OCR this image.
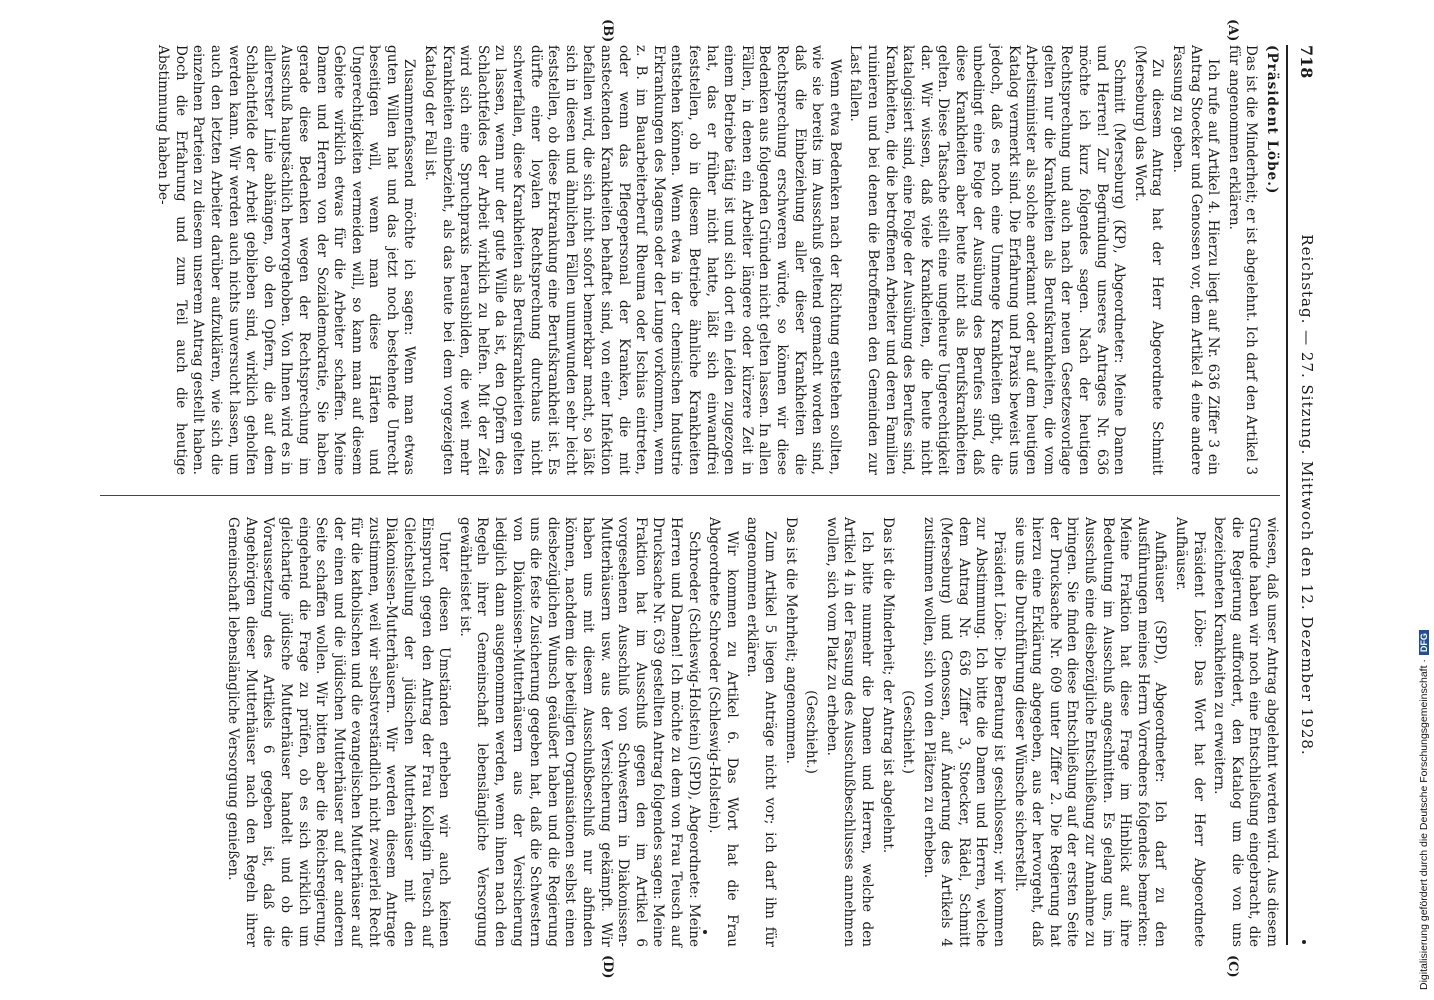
718
Reichstag. — 27. Sitzung. Mittwoch den 12. Dezember 1928.
(A)
(B)
(C)
(D)

(Präsident Löbe.)

Das ist die Minderheit; er ist abgelehnt. Ich darf den Artikel 3 für angenommen erklären.

Ich rufe auf Artikel 4. Hierzu liegt auf Nr. 636 Ziffer 3 ein Antrag Stoecker und Genossen vor, dem Artikel 4 eine andere Fassung zu geben.

Zu diesem Antrag hat der Herr Abgeordnete Schmitt (Merseburg) das Wort.

Schmitt (Merseburg) (KP), Abgeordneter: Meine Damen und Herren! Zur Begründung unseres Antrages Nr. 636 möchte ich kurz folgendes sagen. Nach der heutigen Rechtsprechung und auch nach der neuen Gesetzesvorlage gelten nur die Krankheiten als Berufskrankheiten, die vom Arbeitsminister als solche anerkannt oder auf dem heutigen Katalog vermerkt sind. Die Erfahrung und Praxis beweist uns jedoch, daß es noch eine Unmenge Krankheiten gibt, die unbedingt eine Folge der Ausübung des Berufes sind, daß diese Krankheiten aber heute nicht als Berufskrankheiten gelten. Diese Tatsache stellt eine ungeheure Ungerechtigkeit dar. Wir wissen, daß viele Krankheiten, die heute nicht katalogisiert sind, eine Folge der Ausübung des Berufes sind, Krankheiten, die die betroffenen Arbeiter und deren Familien ruinieren und bei denen die Betroffenen den Gemeinden zur Last fallen.

Wenn etwa Bedenken nach der Richtung entstehen sollten, wie sie bereits im Ausschuß geltend gemacht worden sind, daß die Einbeziehung aller dieser Krankheiten die Rechtsprechung erschweren würde, so können wir diese Bedenken aus folgenden Gründen nicht gelten lassen. In allen Fällen, in denen ein Arbeiter längere oder kürzere Zeit in einem Betriebe tätig ist und sich dort ein Leiden zugezogen hat, das er früher nicht hatte, läßt sich einwandfrei feststellen, ob in diesem Betriebe ähnliche Krankheiten entstehen können. Wenn etwa in der chemischen Industrie Erkrankungen des Magens oder der Lunge vorkommen, wenn z. B. im Bauarbeiterberuf Rheuma oder Ischias eintreten, oder wenn das Pflegepersonal der Kranken, die mit ansteckenden Krankheiten behaftet sind, von einer Infektion befallen wird, die sich nicht sofort bemerkbar macht, so läßt sich in diesen und ähnlichen Fällen unumwunden sehr leicht feststellen, ob diese Erkrankung eine Berufskrankheit ist. Es dürfte einer loyalen Rechtsprechung durchaus nicht schwerfallen, diese Krankheiten als Berufskrankheiten gelten zu lassen, wenn nur der gute Wille da ist, den Opfern des Schlachtfeldes der Arbeit wirklich zu helfen. Mit der Zeit wird sich eine Spruchpraxis herausbilden, die weit mehr Krankheiten einbezieht, als das heute bei dem vorgezeigten Katalog der Fall ist.

Zusammenfassend möchte ich sagen: Wenn man etwas guten Willen hat und das jetzt noch bestehende Unrecht beseitigen will, wenn man diese Härten und Ungerechtigkeiten vermeiden will, so kann man auf diesem Gebiete wirklich etwas für die Arbeiter schaffen. Meine Damen und Herren von der Sozialdemokratie, Sie haben gerade diese Bedenken wegen der Rechtsprechung im Ausschuß hauptsächlich hervorgehoben. Von Ihnen wird es in allererster Linie abhängen, ob den Opfern, die auf dem Schlachtfelde der Arbeit geblieben sind, wirklich geholfen werden kann. Wir werden auch nichts unversucht lassen, um auch den letzten Arbeiter darüber aufzuklären, wie sich die einzelnen Parteien zu diesem unserem Antrag gestellt haben. Doch die Erfahrung und zum Teil auch die heutige Abstimmung haben be-

wiesen, daß unser Antrag abgelehnt werden wird. Aus diesem Grunde haben wir noch eine Entschließung eingebracht, die die Regierung auffordert, den Katalog um die von uns bezeichneten Krankheiten zu erweitern.

Präsident Löbe: Das Wort hat der Herr Abgeordnete Aufhäuser.

Aufhäuser (SPD), Abgeordneter: Ich darf zu den Ausführungen meines Herrn Vorredners folgendes bemerken: Meine Fraktion hat diese Frage im Hinblick auf ihre Bedeutung im Ausschuß angeschnitten. Es gelang uns, im Ausschuß eine diesbezügliche Entschließung zur Annahme zu bringen. Sie finden diese Entschließung auf der ersten Seite der Drucksache Nr. 609 unter Ziffer 2. Die Regierung hat hierzu eine Erklärung abgegeben, aus der hervorgeht, daß sie uns die Durchführung dieser Wünsche sicherstellt.

Präsident Löbe: Die Beratung ist geschlossen; wir kommen zur Abstimmung. Ich bitte die Damen und Herren, welche dem Antrag Nr. 636 Ziffer 3, Stoecker, Rädel, Schmitt (Merseburg) und Genossen, auf Änderung des Artikels 4 zustimmen wollen, sich von den Plätzen zu erheben.

(Geschieht.)

Das ist die Minderheit; der Antrag ist abgelehnt.

Ich bitte nunmehr die Damen und Herren, welche den Artikel 4 in der Fassung des Ausschußbeschlusses annehmen wollen, sich vom Platz zu erheben.

(Geschieht.)

Das ist die Mehrheit; angenommen.

Zum Artikel 5 liegen Anträge nicht vor; ich darf ihn für angenommen erklären.

Wir kommen zu Artikel 6. Das Wort hat die Frau Abgeordnete Schroeder (Schleswig-Holstein).

Schroeder (Schleswig-Holstein) (SPD), Abgeordnete: Meine Herren und Damen! Ich möchte zu dem von Frau Teusch auf Drucksache Nr. 639 gestellten Antrag folgendes sagen: Meine Fraktion hat im Ausschuß gegen den im Artikel 6 vorgesehenen Ausschluß von Schwestern in Diakonissen-Mutterhäusern usw. aus der Versicherung gekämpft. Wir haben uns mit diesem Ausschußbeschluß nur abfinden können, nachdem die beteiligten Organisationen selbst einen diesbezüglichen Wunsch geäußert haben und die Regierung uns die feste Zusicherung gegeben hat, daß die Schwestern von Diakonissen-Mutterhäusern aus der Versicherung lediglich dann ausgenommen werden, wenn ihnen nach den Regeln ihrer Gemeinschaft lebenslängliche Versorgung gewährleistet ist.

Unter diesen Umständen erheben wir auch keinen Einspruch gegen den Antrag der Frau Kollegin Teusch auf Gleichstellung der jüdischen Mutterhäuser mit den Diakonissen-Mutterhäusern. Wir werden diesem Antrage zustimmen, weil wir selbstverständlich nicht zweierlei Recht für die katholischen und die evangelischen Mutterhäuser auf der einen und die jüdischen Mutterhäuser auf der anderen Seite schaffen wollen. Wir bitten aber die Reichsregierung, eingehend die Frage zu prüfen, ob es sich wirklich um gleichartige jüdische Mutterhäuser handelt und ob die Voraussetzung des Artikels 6 gegeben ist, daß die Angehörigen dieser Mutterhäuser nach den Regeln ihrer Gemeinschaft lebenslängliche Versorgung genießen.	Digitalisierung gefördert durch die Deutsche Forschungsgemeinschaft ·DFG
